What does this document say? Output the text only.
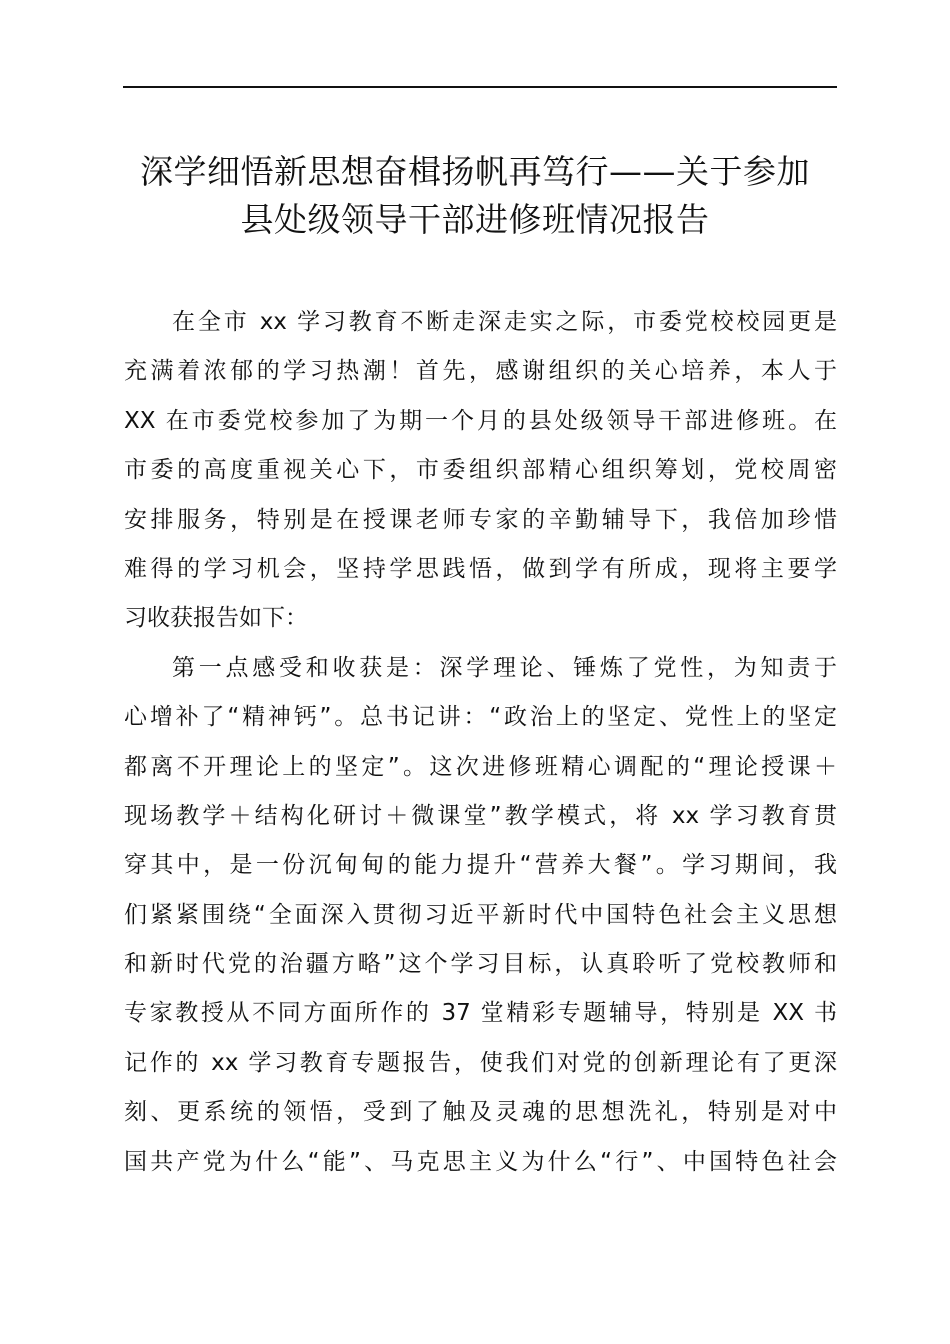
深学细悟新思想奋楫扬帆再笃行——关于参加
县处级领导干部进修班情况报告
在全市 xx 学习教育不断走深走实之际，市委党校校园更是
充满着浓郁的学习热潮！首先，感谢组织的关心培养，本人于
XX 在市委党校参加了为期一个月的县处级领导干部进修班。在
市委的高度重视关心下，市委组织部精心组织筹划，党校周密
安排服务，特别是在授课老师专家的辛勤辅导下，我倍加珍惜
难得的学习机会，坚持学思践悟，做到学有所成，现将主要学
习收获报告如下：
第一点感受和收获是：深学理论、锤炼了党性，为知责于
心增补了“精神钙”。总书记讲：“政治上的坚定、党性上的坚定
都离不开理论上的坚定”。这次进修班精心调配的“理论授课＋
现场教学＋结构化研讨＋微课堂”教学模式，将 xx 学习教育贯
穿其中，是一份沉甸甸的能力提升“营养大餐”。学习期间，我
们紧紧围绕“全面深入贯彻习近平新时代中国特色社会主义思想
和新时代党的治疆方略”这个学习目标，认真聆听了党校教师和
专家教授从不同方面所作的 37 堂精彩专题辅导，特别是 XX 书
记作的 xx 学习教育专题报告，使我们对党的创新理论有了更深
刻、更系统的领悟，受到了触及灵魂的思想洗礼，特别是对中
国共产党为什么“能”、马克思主义为什么“行”、中国特色社会
